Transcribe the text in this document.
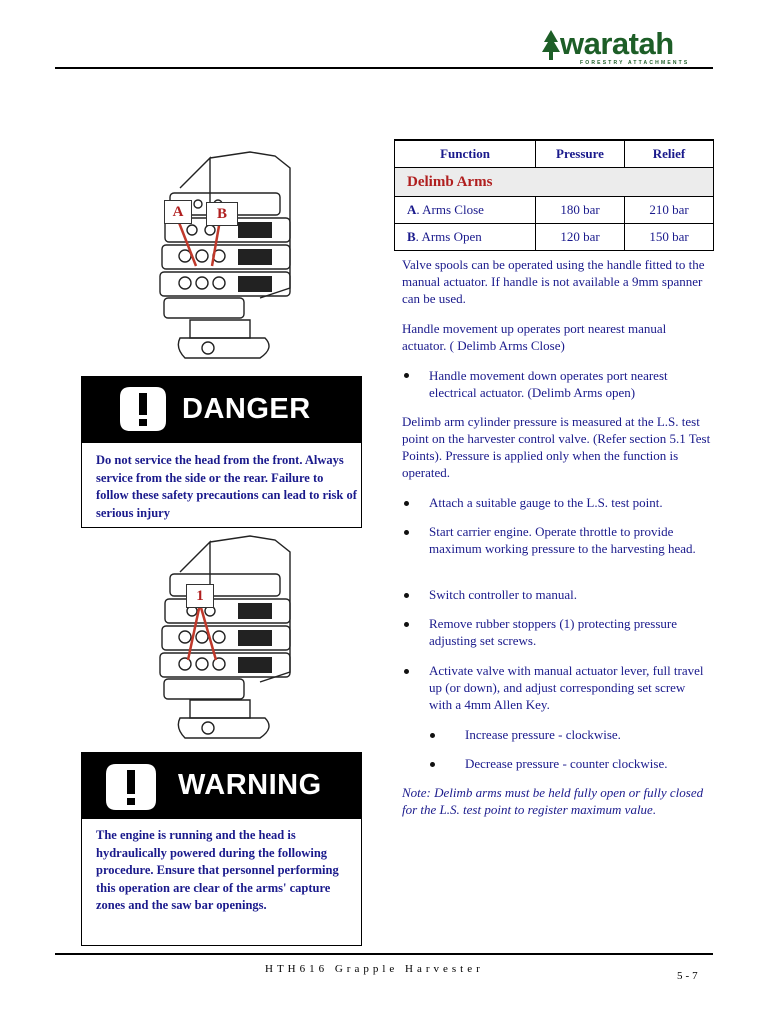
waratah
FORESTRY ATTACHMENTS
A	B
DANGER
Do not service the head from the front. Always service from the side or the rear. Failure to follow these safety precautions can lead to risk of serious injury
1
WARNING
The engine is running and the head is hydraulically powered during the following procedure. Ensure that personnel performing this operation are clear of the arms' capture zones and the saw bar openings.
Function	Pressure	Relief
Delimb Arms		
A. Arms Close	180 bar	210 bar
B. Arms Open	120 bar	150 bar

Valve spools can be operated using the handle fitted to the manual actuator. If handle is not available a 9mm spanner can be used.

Handle movement up operates port nearest manual actuator. ( Delimb Arms Close)

Handle movement down operates port nearest electrical actuator. (Delimb Arms open)

Delimb arm cylinder pressure is measured at the L.S. test point on the harvester control valve. (Refer section 5.1 Test Points). Pressure is applied only when the function is operated.

Attach a suitable gauge to the L.S. test point.

Start carrier engine. Operate throttle to provide maximum working pressure to the harvesting head.

Switch controller to manual.

Remove rubber stoppers (1) protecting pressure adjusting set screws.

Activate valve with manual actuator lever, full travel up (or down), and adjust corresponding set screw with a 4mm Allen Key.

Increase pressure - clockwise.

Decrease pressure - counter clockwise.

Note: Delimb arms must be held fully open or fully closed for the L.S. test point to register maximum value.

HTH616 Grapple Harvester
5-7
